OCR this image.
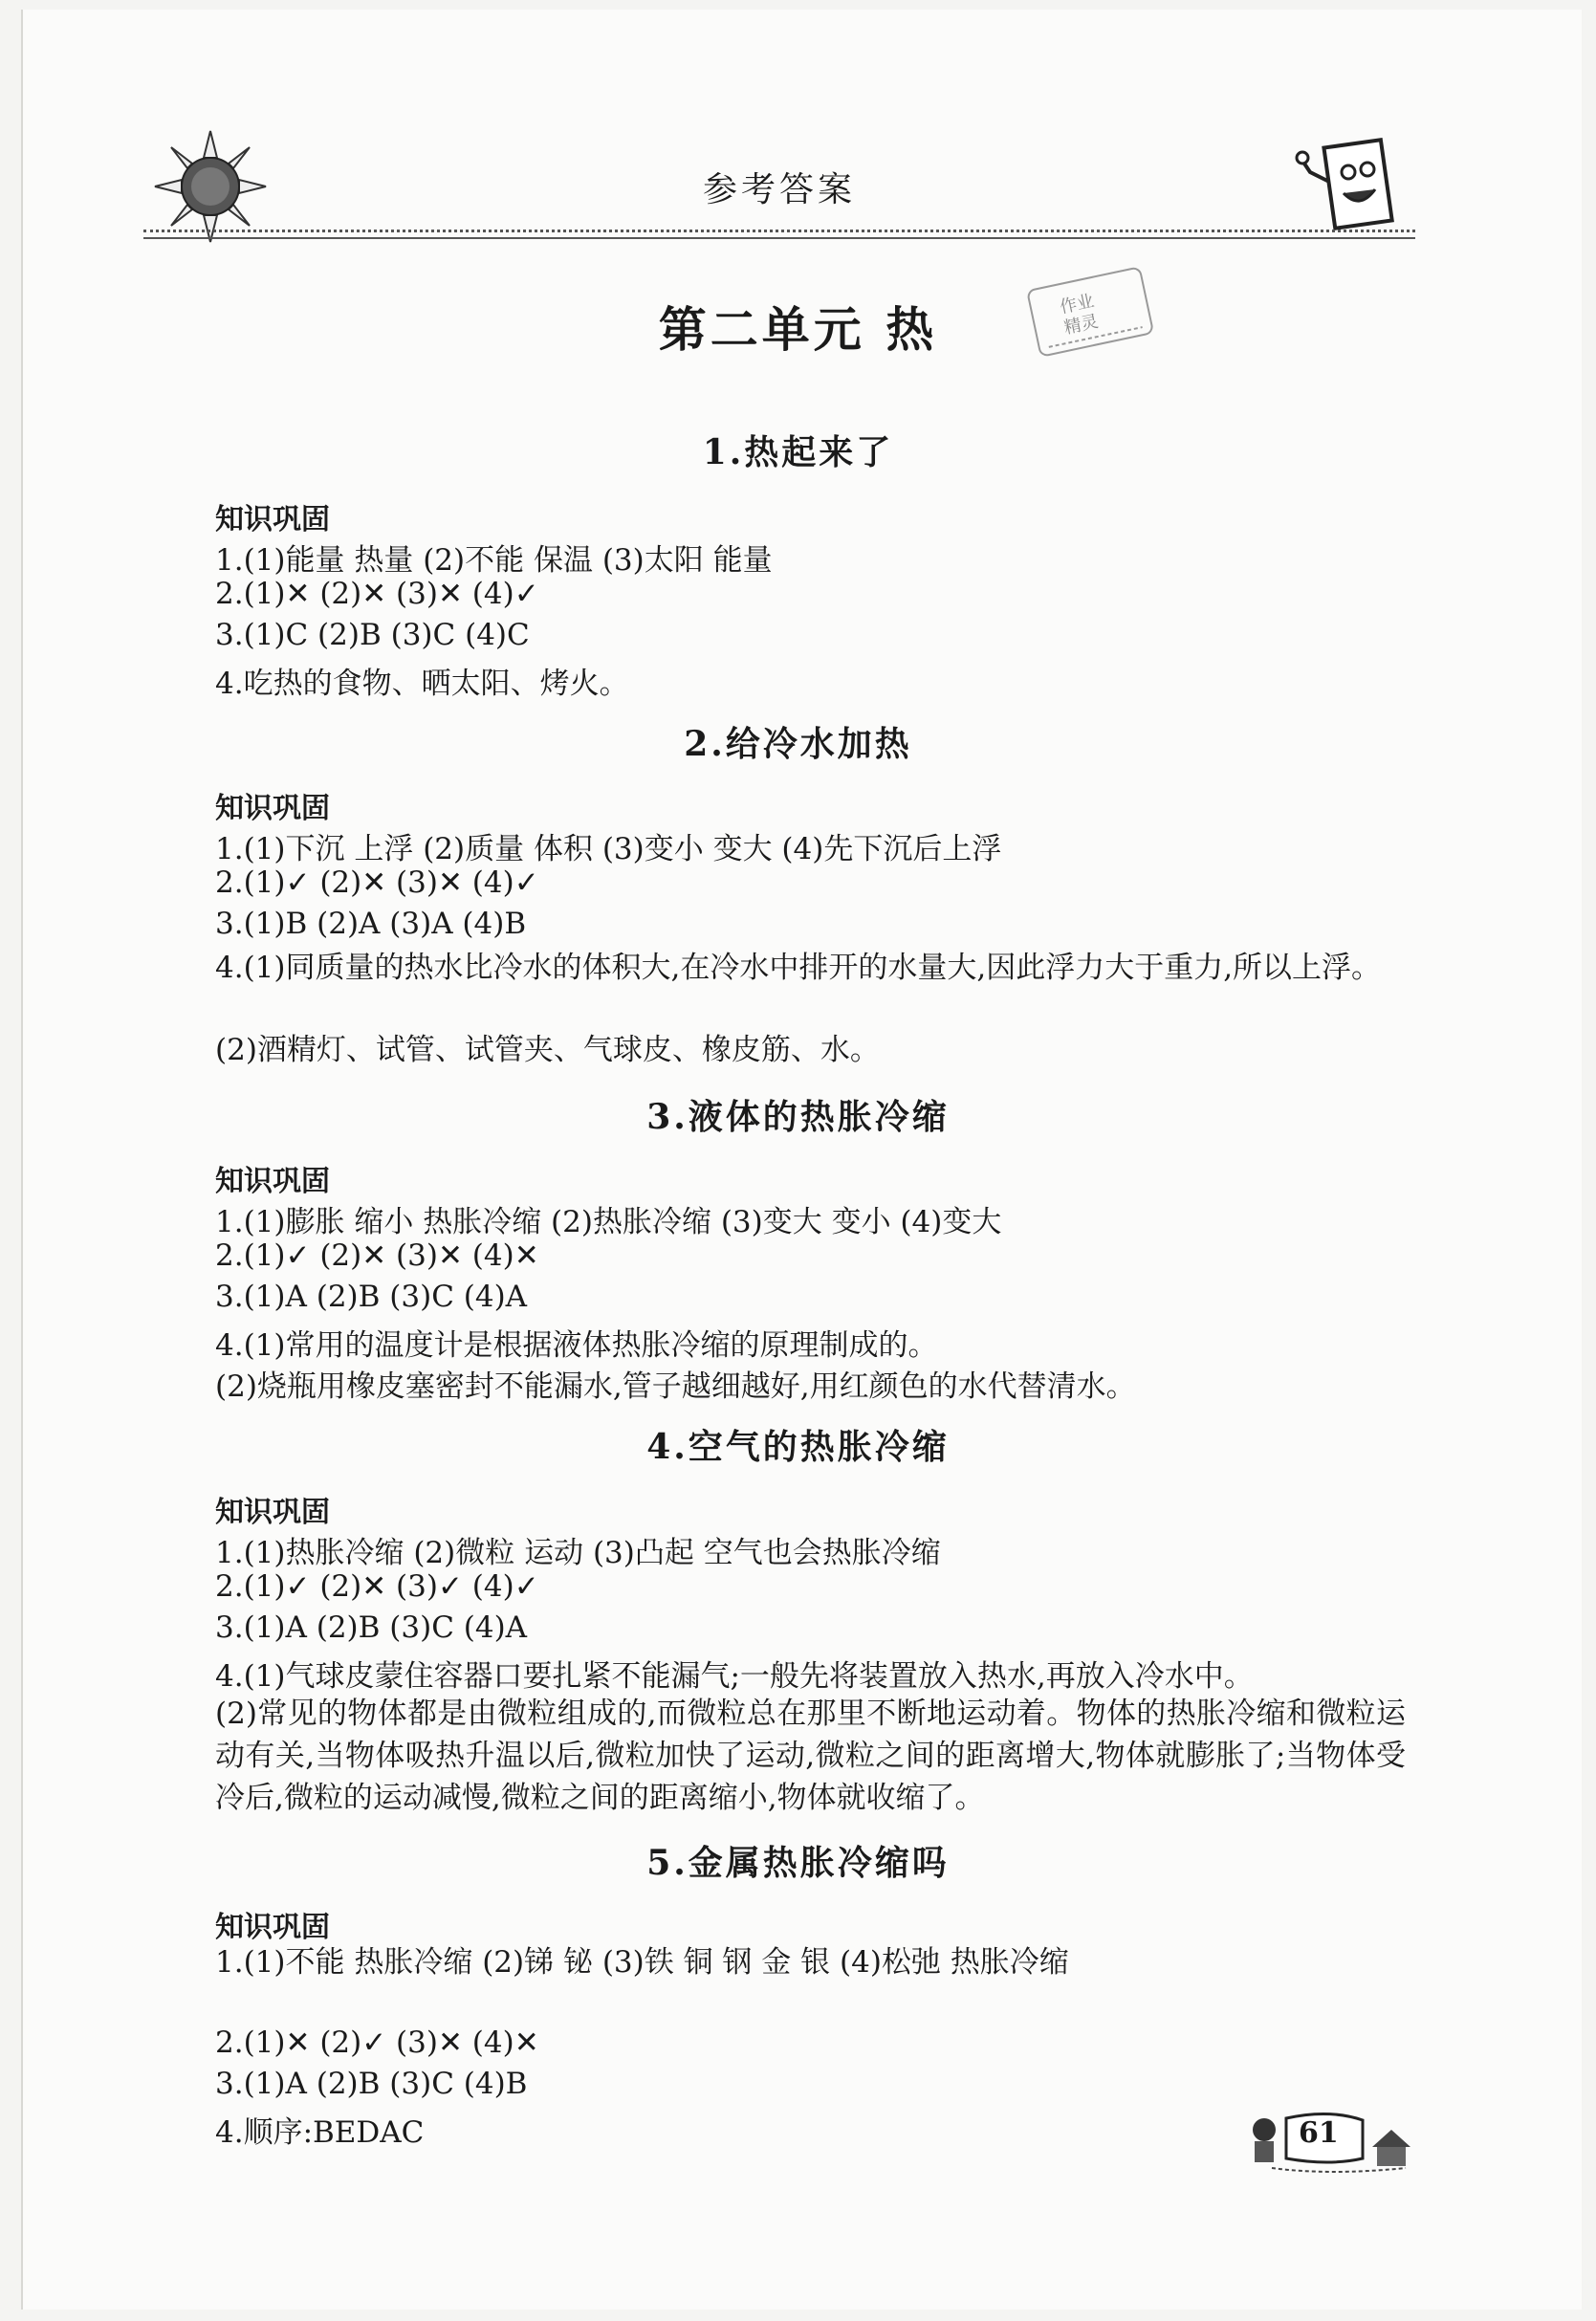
参考答案
作业
精灵
第二单元 热
1.热起来了
知识巩固
1.(1)能量 热量 (2)不能 保温 (3)太阳 能量
2.(1)✕ (2)✕ (3)✕ (4)✓
3.(1)C (2)B (3)C (4)C
4.吃热的食物、晒太阳、烤火。
2.给冷水加热
知识巩固
1.(1)下沉 上浮 (2)质量 体积 (3)变小 变大 (4)先下沉后上浮
2.(1)✓ (2)✕ (3)✕ (4)✓
3.(1)B (2)A (3)A (4)B
4.(1)同质量的热水比冷水的体积大,在冷水中排开的水量大,因此浮力大于重力,所以上浮。
(2)酒精灯、试管、试管夹、气球皮、橡皮筋、水。
3.液体的热胀冷缩
知识巩固
1.(1)膨胀 缩小 热胀冷缩 (2)热胀冷缩 (3)变大 变小 (4)变大
2.(1)✓ (2)✕ (3)✕ (4)✕
3.(1)A (2)B (3)C (4)A
4.(1)常用的温度计是根据液体热胀冷缩的原理制成的。
(2)烧瓶用橡皮塞密封不能漏水,管子越细越好,用红颜色的水代替清水。
4.空气的热胀冷缩
知识巩固
1.(1)热胀冷缩 (2)微粒 运动 (3)凸起 空气也会热胀冷缩
2.(1)✓ (2)✕ (3)✓ (4)✓
3.(1)A (2)B (3)C (4)A
4.(1)气球皮蒙住容器口要扎紧不能漏气;一般先将装置放入热水,再放入冷水中。
(2)常见的物体都是由微粒组成的,而微粒总在那里不断地运动着。物体的热胀冷缩和微粒运动有关,当物体吸热升温以后,微粒加快了运动,微粒之间的距离增大,物体就膨胀了;当物体受冷后,微粒的运动减慢,微粒之间的距离缩小,物体就收缩了。
5.金属热胀冷缩吗
知识巩固
1.(1)不能 热胀冷缩 (2)锑 铋 (3)铁 铜 钢 金 银 (4)松弛 热胀冷缩
2.(1)✕ (2)✓ (3)✕ (4)✕
3.(1)A (2)B (3)C (4)B
4.顺序:BEDAC	61
